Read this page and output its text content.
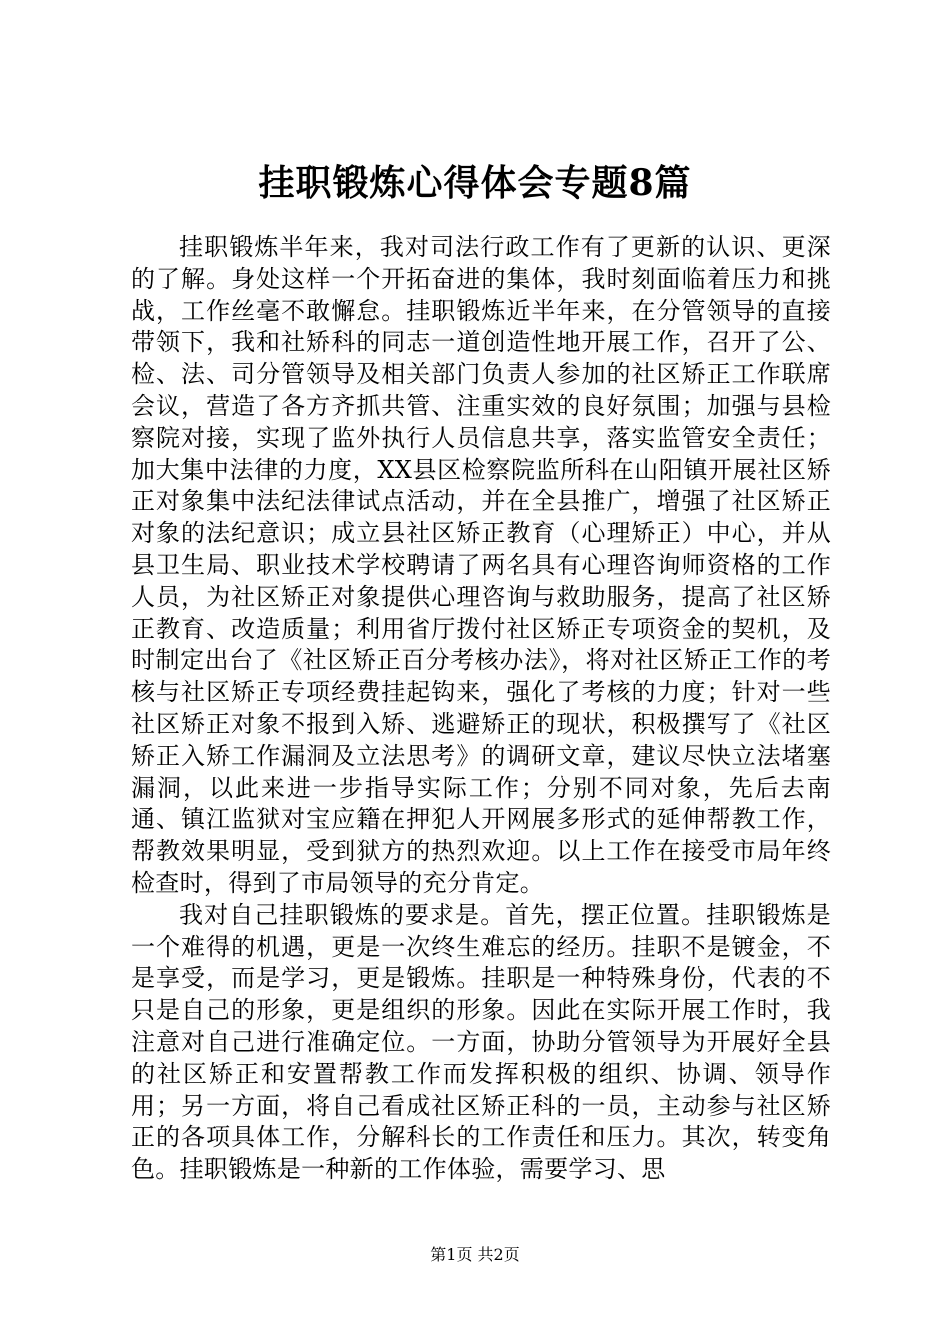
挂职锻炼心得体会专题8篇

挂职锻炼半年来，我对司法行政工作有了更新的认识、更深的了解。身处这样一个开拓奋进的集体，我时刻面临着压力和挑战，工作丝毫不敢懈怠。挂职锻炼近半年来，在分管领导的直接带领下，我和社矫科的同志一道创造性地开展工作，召开了公、检、法、司分管领导及相关部门负责人参加的社区矫正工作联席会议，营造了各方齐抓共管、注重实效的良好氛围；加强与县检察院对接，实现了监外执行人员信息共享，落实监管安全责任；加大集中法律的力度，XX县区检察院监所科在山阳镇开展社区矫正对象集中法纪法律试点活动，并在全县推广，增强了社区矫正对象的法纪意识；成立县社区矫正教育（心理矫正）中心，并从县卫生局、职业技术学校聘请了两名具有心理咨询师资格的工作人员，为社区矫正对象提供心理咨询与救助服务，提高了社区矫正教育、改造质量；利用省厅拨付社区矫正专项资金的契机，及时制定出台了《社区矫正百分考核办法》，将对社区矫正工作的考核与社区矫正专项经费挂起钩来，强化了考核的力度；针对一些社区矫正对象不报到入矫、逃避矫正的现状，积极撰写了《社区矫正入矫工作漏洞及立法思考》的调研文章，建议尽快立法堵塞漏洞，以此来进一步指导实际工作；分别不同对象，先后去南通、镇江监狱对宝应籍在押犯人开网展多形式的延伸帮教工作，帮教效果明显，受到狱方的热烈欢迎。以上工作在接受市局年终检查时，得到了市局领导的充分肯定。

我对自己挂职锻炼的要求是。首先，摆正位置。挂职锻炼是一个难得的机遇，更是一次终生难忘的经历。挂职不是镀金，不是享受，而是学习，更是锻炼。挂职是一种特殊身份，代表的不只是自己的形象，更是组织的形象。因此在实际开展工作时，我注意对自己进行准确定位。一方面，协助分管领导为开展好全县的社区矫正和安置帮教工作而发挥积极的组织、协调、领导作用；另一方面，将自己看成社区矫正科的一员，主动参与社区矫正的各项具体工作，分解科长的工作责任和压力。其次，转变角色。挂职锻炼是一种新的工作体验，需要学习、思

第1页 共2页
